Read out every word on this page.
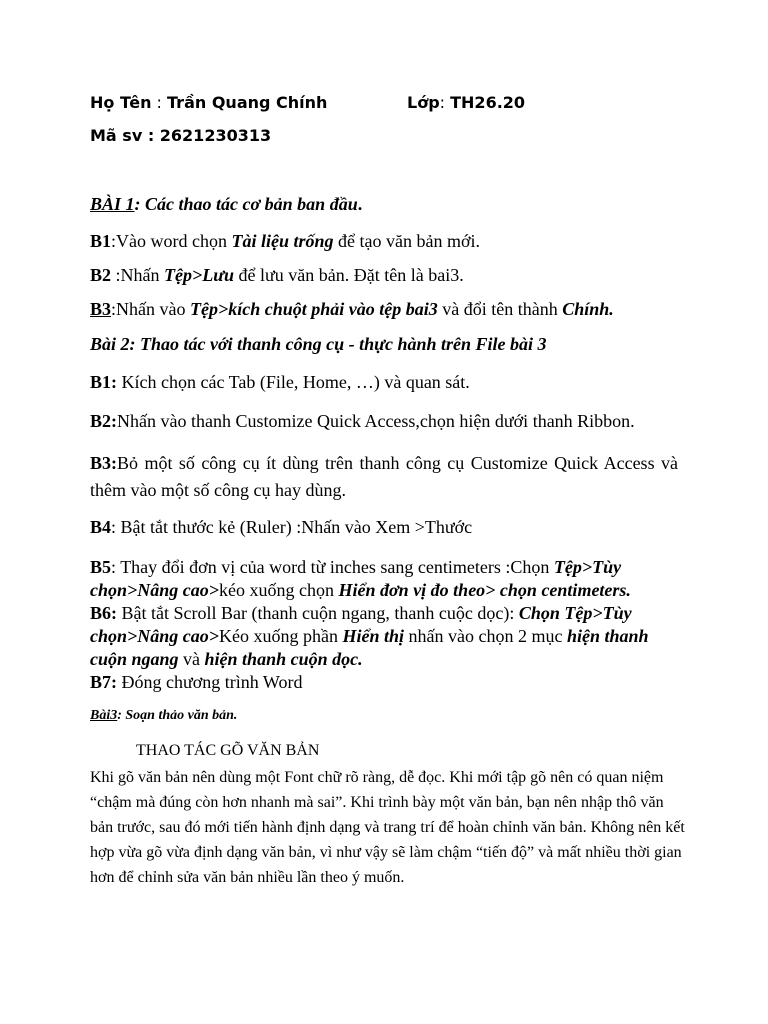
Họ Tên : Trần Quang Chính	Lớp: TH26.20

Mã sv : 2621230313

BÀI 1: Các thao tác cơ bản ban đầu.

B1:Vào word chọn Tài liệu trống để tạo văn bản mới.

B2 :Nhấn Tệp>Lưu để lưu văn bản. Đặt tên là bai3.

B3:Nhấn vào Tệp>kích chuột phải vào tệp bai3 và đổi tên thành Chính.

Bài 2: Thao tác với thanh công cụ - thực hành trên File bài 3

B1: Kích chọn các Tab (File, Home, …) và quan sát.

B2:Nhấn vào thanh Customize Quick Access,chọn hiện dưới thanh Ribbon.

B3:Bỏ một số công cụ ít dùng trên thanh công cụ Customize Quick Access và thêm vào một số công cụ hay dùng.

B4: Bật tắt thước kẻ (Ruler) :Nhấn vào Xem >Thước

B5: Thay đổi đơn vị của word từ inches sang centimeters :Chọn Tệp>Tùy chọn>Nâng cao>kéo xuống chọn Hiển đơn vị đo theo> chọn centimeters.
B6: Bật tắt Scroll Bar (thanh cuộn ngang, thanh cuộc dọc): Chọn Tệp>Tùy chọn>Nâng cao>Kéo xuống phần Hiển thị nhấn vào chọn 2 mục hiện thanh cuộn ngang và hiện thanh cuộn dọc.
B7: Đóng chương trình Word

Bài3: Soạn thảo văn bản.

THAO TÁC GÕ VĂN BẢN

Khi gõ văn bản nên dùng một Font chữ rõ ràng, dễ đọc. Khi mới tập gõ nên có quan niệm “chậm mà đúng còn hơn nhanh mà sai”. Khi trình bày một văn bản, bạn nên nhập thô văn bản trước, sau đó mới tiến hành định dạng và trang trí để hoàn chỉnh văn bản. Không nên kết hợp vừa gõ vừa định dạng văn bản, vì như vậy sẽ làm chậm “tiến độ” và mất nhiều thời gian hơn để chỉnh sửa văn bản nhiều lần theo ý muốn.
